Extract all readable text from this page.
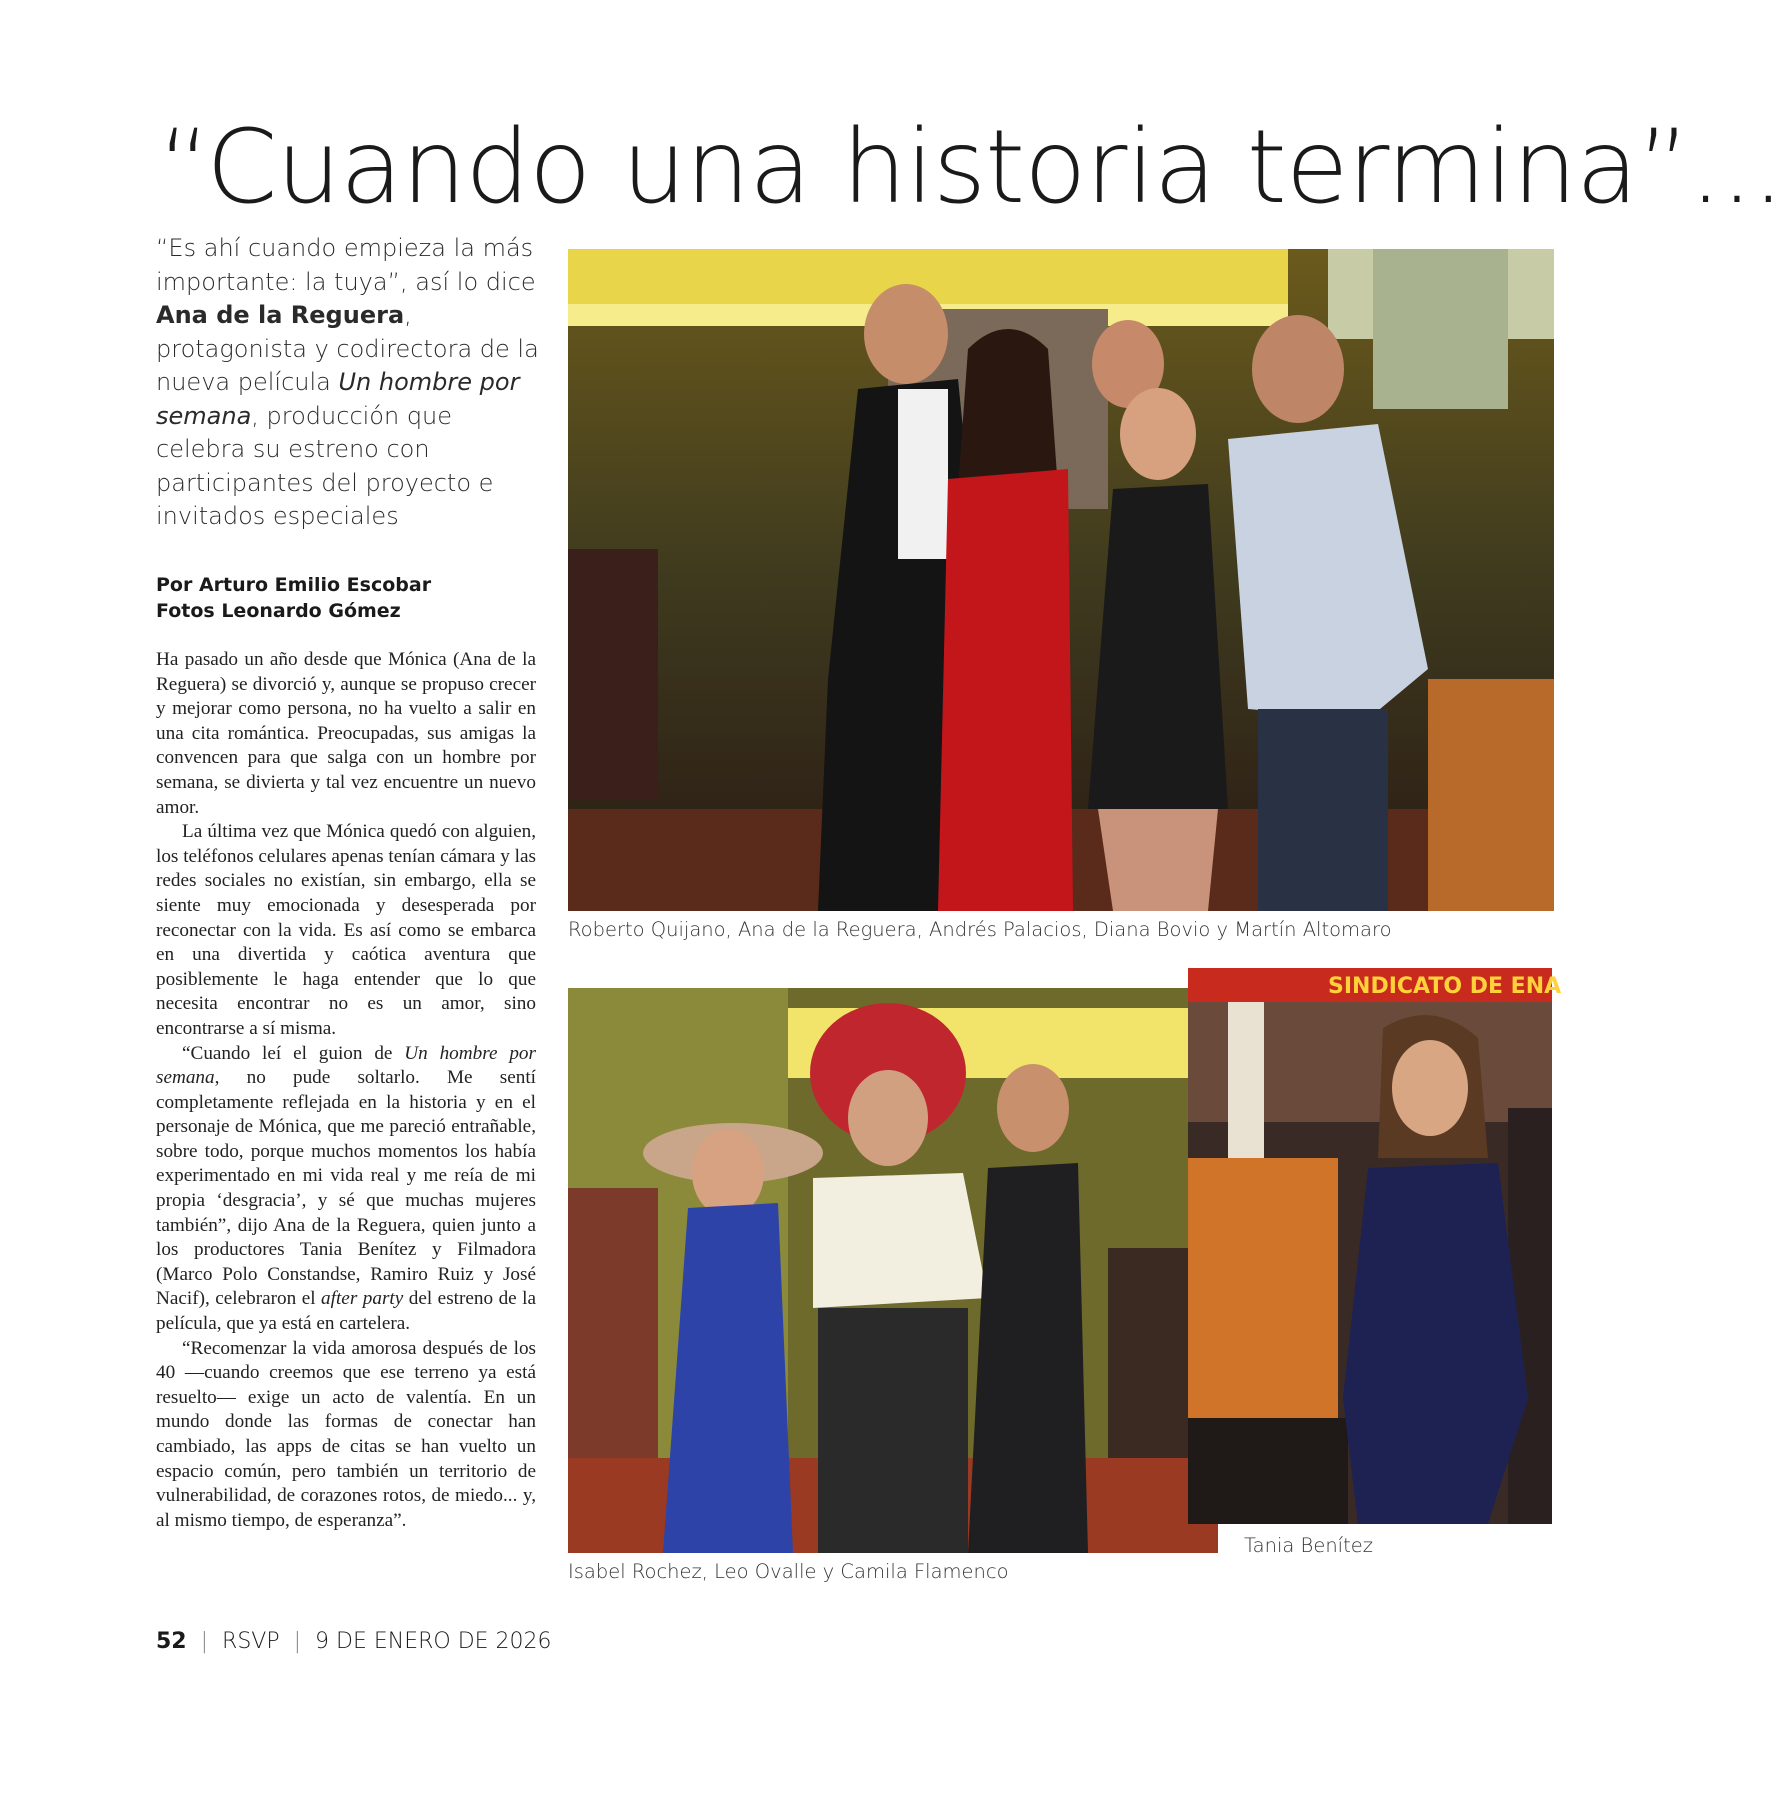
“Cuando una historia termina”...
“Es ahí cuando empieza la más importante: la tuya”, así lo dice Ana de la Reguera, protagonista y codirectora de la nueva película Un hombre por semana, producción que celebra su estreno con participantes del proyecto e invitados especiales
Por Arturo Emilio Escobar
Fotos Leonardo Gómez

Ha pasado un año desde que Mónica (Ana de la Reguera) se divorció y, aunque se propuso crecer y mejorar como persona, no ha vuelto a salir en una cita romántica. Preocupadas, sus amigas la convencen para que salga con un hombre por semana, se divierta y tal vez encuentre un nuevo amor.

La última vez que Mónica quedó con alguien, los teléfonos celulares apenas tenían cámara y las redes sociales no existían, sin embargo, ella se siente muy emocionada y desesperada por reconectar con la vida. Es así como se embarca en una divertida y caótica aventura que posiblemente le haga entender que lo que necesita encontrar no es un amor, sino encontrarse a sí misma.

“Cuando leí el guion de Un hombre por semana, no pude soltarlo. Me sentí completamente reflejada en la historia y en el personaje de Mónica, que me pareció entrañable, sobre todo, porque muchos momentos los había experimentado en mi vida real y me reía de mi propia ‘desgracia’, y sé que muchas mujeres también”, dijo Ana de la Reguera, quien junto a los productores Tania Benítez y Filmadora (Marco Polo Constandse, Ramiro Ruiz y José Nacif), celebraron el after party del estreno de la película, que ya está en cartelera.

“Recomenzar la vida amorosa después de los 40 —cuando creemos que ese terreno ya está resuelto— exige un acto de valentía. En un mundo donde las formas de conectar han cambiado, las apps de citas se han vuelto un espacio común, pero también un territorio de vulnerabilidad, de corazones rotos, de miedo... y, al mismo tiempo, de esperanza”.

Roberto Quijano, Ana de la Reguera, Andrés Palacios, Diana Bovio y Martín Altomaro
Isabel Rochez, Leo Ovalle y Camila Flamenco
SINDICATO DE ENA
Tania Benítez
52 | RSVP | 9 DE ENERO DE 2026
